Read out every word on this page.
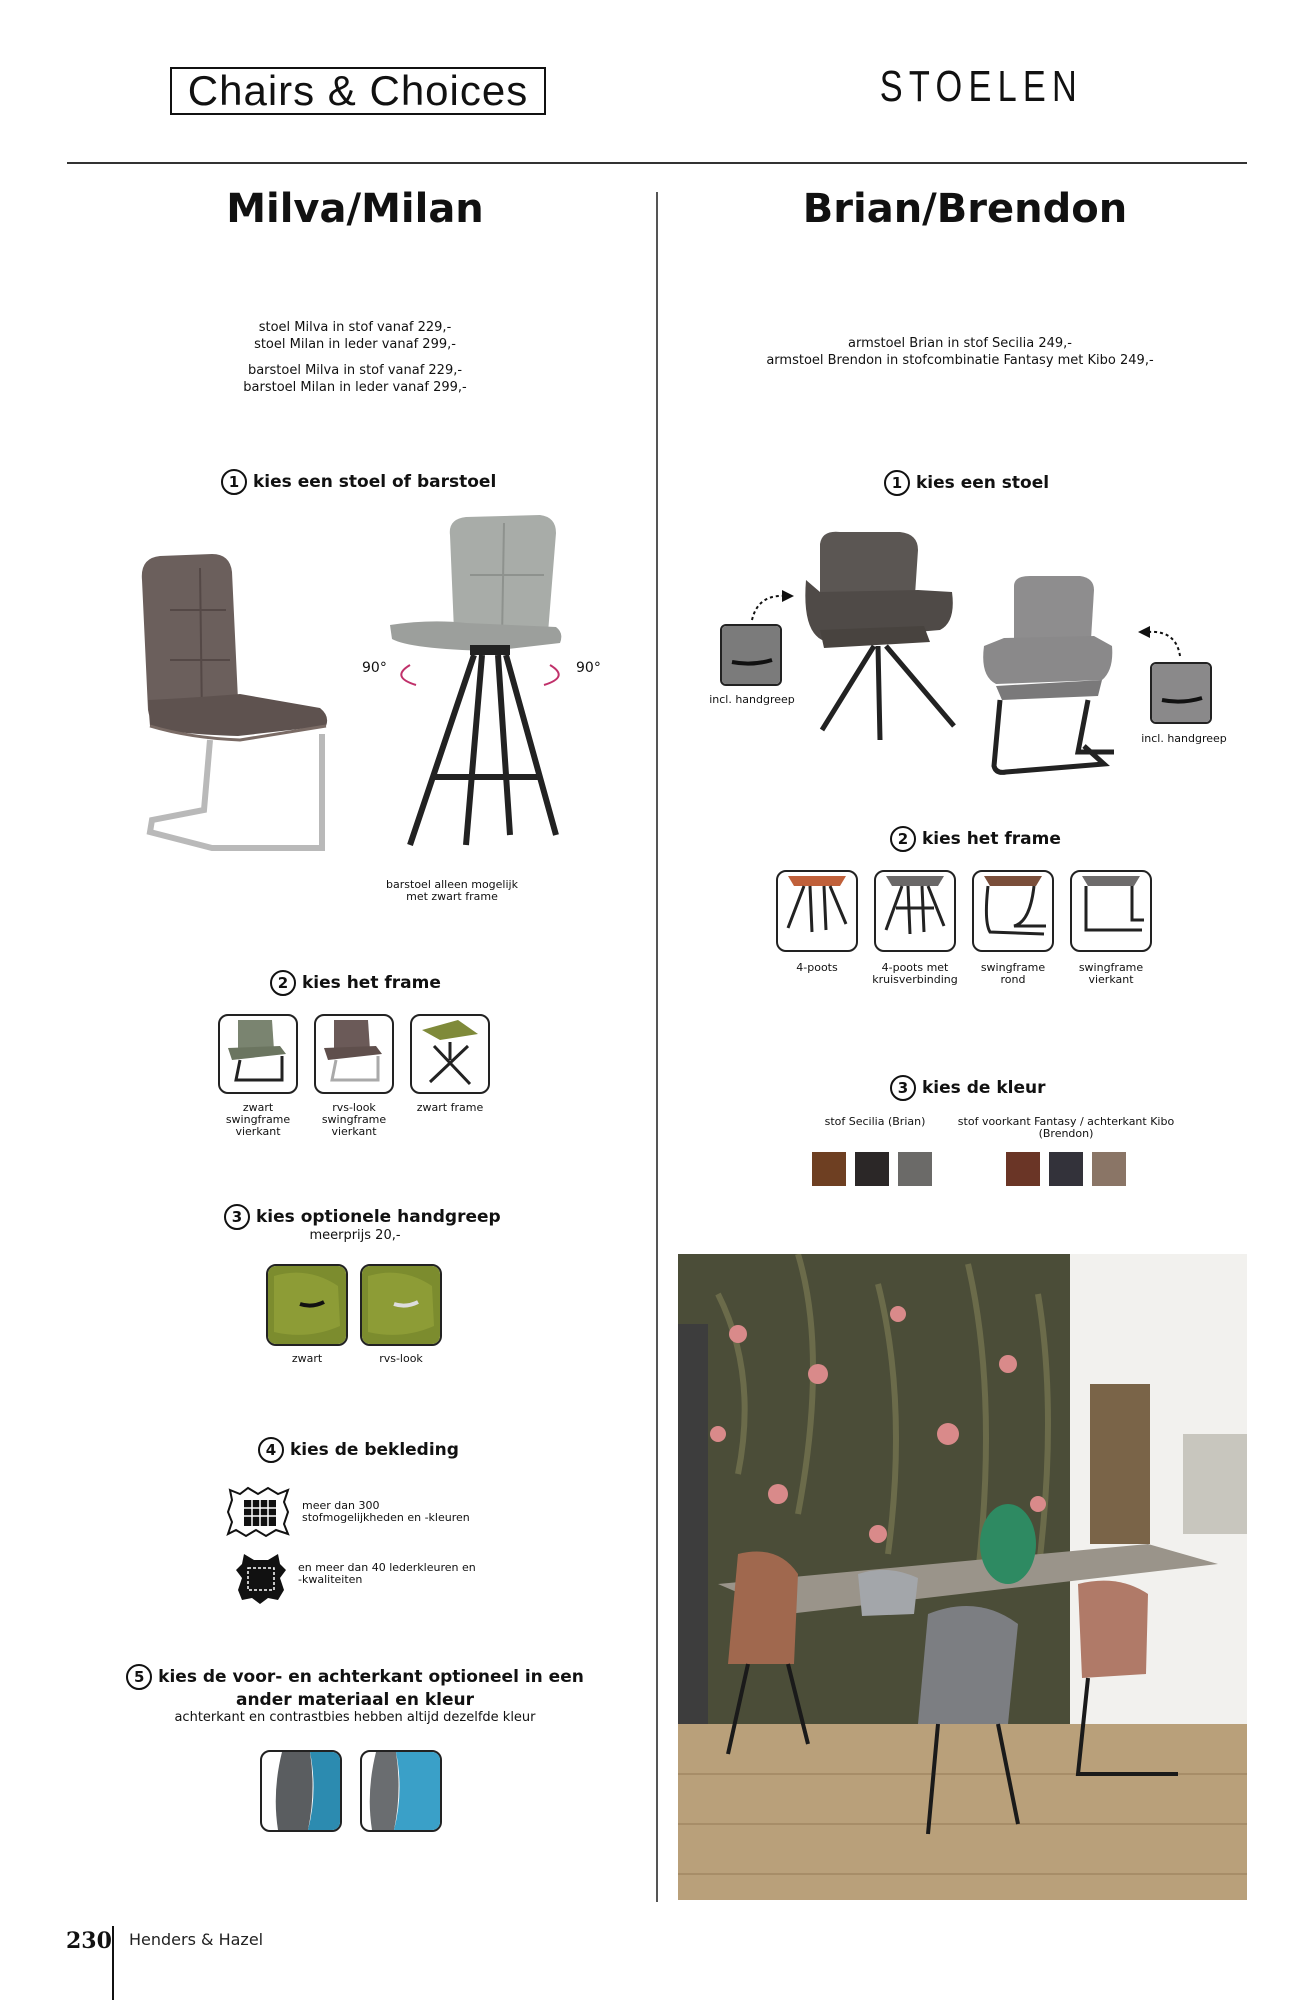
Chairs & Choices	STOELEN
Milva/Milan
stoel Milva in stof vanaf 229,-
stoel Milan in leder vanaf 299,-
barstoel Milva in stof vanaf 229,-
barstoel Milan in leder vanaf 299,-
1 kies een stoel of barstoel
90°	90°
barstoel alleen mogelijk
met zwart frame
2 kies het frame
zwart
swingframe
vierkant
rvs-look
swingframe
vierkant
zwart frame
3 kies optionele handgreep
meerprijs 20,-
zwart	rvs-look
4 kies de bekleding
meer dan 300
stofmogelijkheden en -kleuren
en meer dan 40 lederkleuren en
-kwaliteiten
5 kies de voor- en achterkant optioneel in een
ander materiaal en kleur
achterkant en contrastbies hebben altijd dezelfde kleur
Brian/Brendon
armstoel Brian in stof Secilia 249,-
armstoel Brendon in stofcombinatie Fantasy met Kibo 249,-
1 kies een stoel
incl. handgreep
incl. handgreep
2 kies het frame
4-poots	4-poots met
kruisverbinding
swingframe
rond
swingframe
vierkant
3 kies de kleur
stof Secilia (Brian)	stof voorkant Fantasy / achterkant Kibo
(Brendon)
230 Henders & Hazel
